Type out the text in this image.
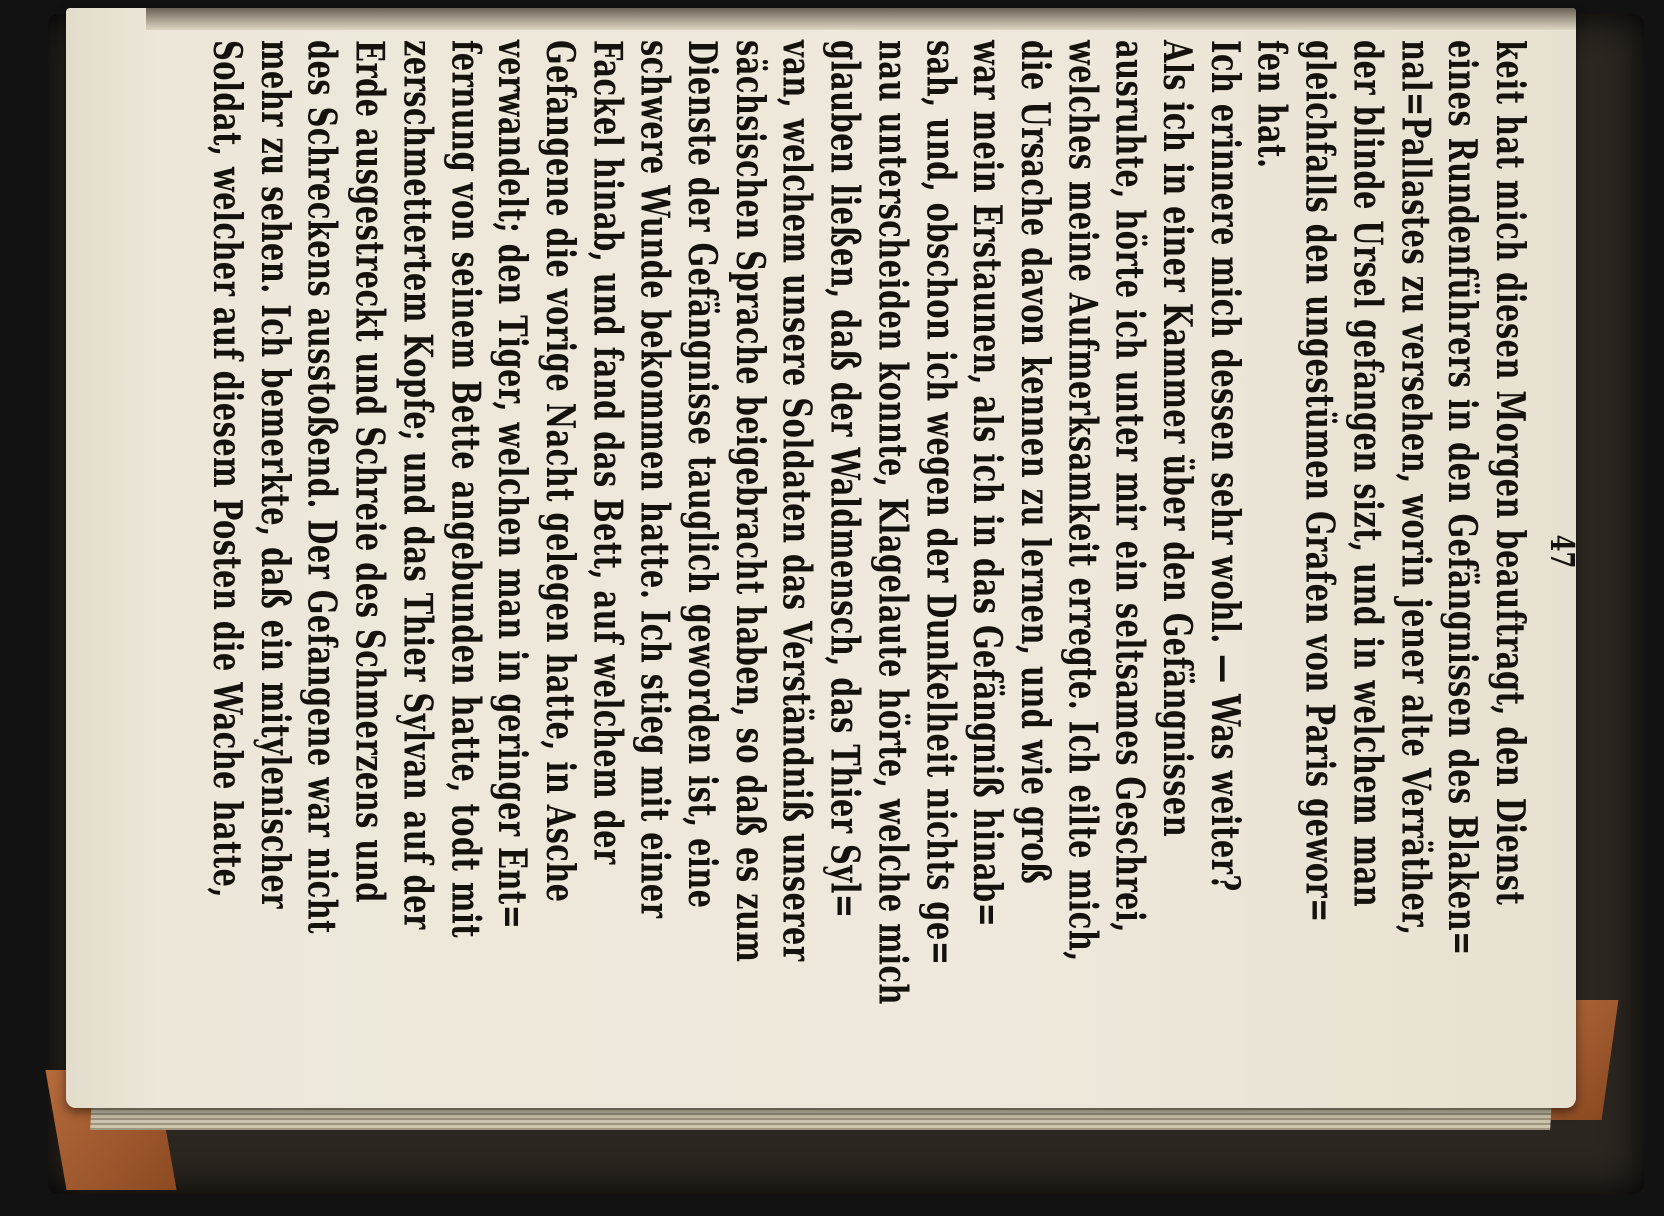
47
keit hat mich diesen Morgen beauftragt, den Dienst
eines Rundenführers in den Gefängnissen des Blaken=
nal=Pallastes zu versehen, worin jener alte Verräther,
der blinde Ursel gefangen sizt, und in welchem man
gleichfalls den ungestümen Grafen von Paris gewor=
fen hat.
Ich erinnere mich dessen sehr wohl. — Was weiter?
Als ich in einer Kammer über den Gefängnissen
ausruhte, hörte ich unter mir ein seltsames Geschrei,
welches meine Aufmerksamkeit erregte. Ich eilte mich,
die Ursache davon kennen zu lernen, und wie groß
war mein Erstaunen, als ich in das Gefängniß hinab=
sah, und, obschon ich wegen der Dunkelheit nichts ge=
nau unterscheiden konnte, Klagelaute hörte, welche mich
glauben ließen, daß der Waldmensch, das Thier Syl=
van, welchem unsere Soldaten das Verständniß unserer
sächsischen Sprache beigebracht haben, so daß es zum
Dienste der Gefängnisse tauglich geworden ist, eine
schwere Wunde bekommen hatte. Ich stieg mit einer
Fackel hinab, und fand das Bett, auf welchem der
Gefangene die vorige Nacht gelegen hatte, in Asche
verwandelt; den Tiger, welchen man in geringer Ent=
fernung von seinem Bette angebunden hatte, todt mit
zerschmettertem Kopfe; und das Thier Sylvan auf der
Erde ausgestreckt und Schreie des Schmerzens und
des Schreckens ausstoßend. Der Gefangene war nicht
mehr zu sehen. Ich bemerkte, daß ein mitylenischer
Soldat, welcher auf diesem Posten die Wache hatte,
